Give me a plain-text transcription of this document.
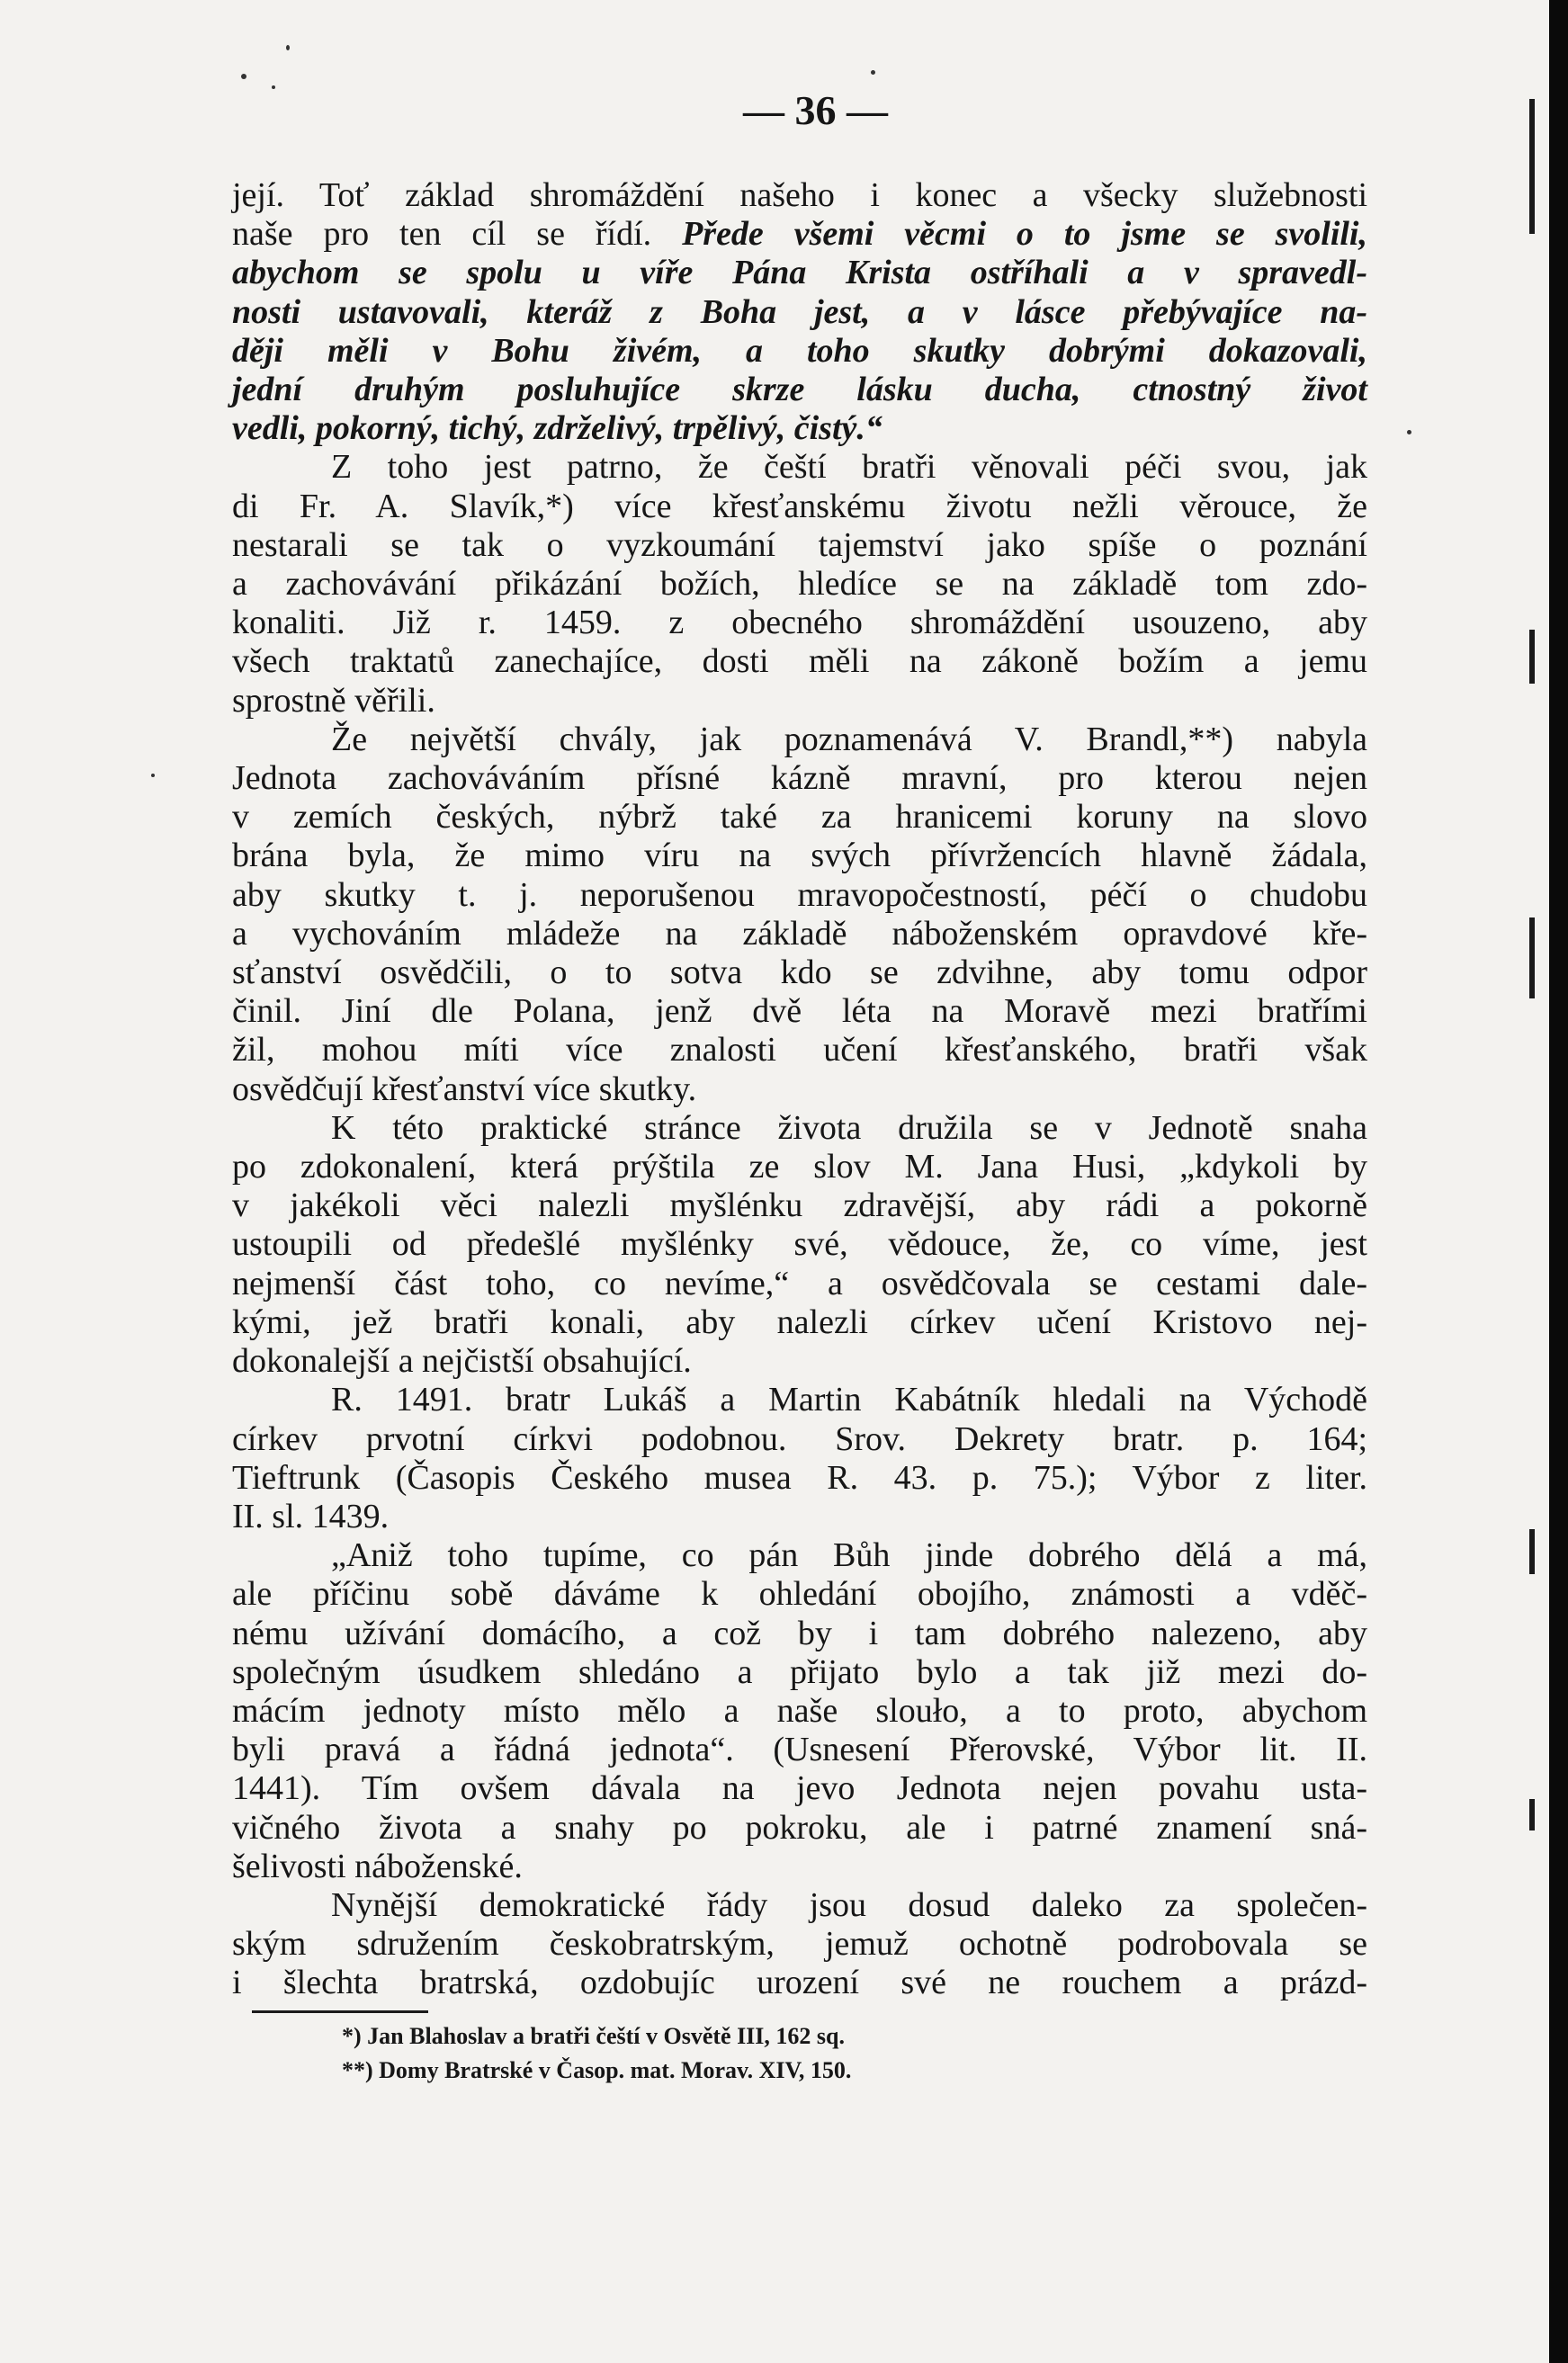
— 36 —
její. Toť základ shromáždění našeho i konec a všecky služebnosti
naše pro ten cíl se řídí. Přede všemi věcmi o to jsme se svolili,
abychom se spolu u víře Pána Krista ostříhali a v spravedl-
nosti ustavovali, kteráž z Boha jest, a v lásce přebývajíce na-
ději měli v Bohu živém, a toho skutky dobrými dokazovali,
jední druhým posluhujíce skrze lásku ducha, ctnostný život
vedli, pokorný, tichý, zdrželivý, trpělivý, čistý.“
Z toho jest patrno, že čeští bratři věnovali péči svou, jak
di Fr. A. Slavík,*) více křesťanskému životu nežli věrouce, že
nestarali se tak o vyzkoumání tajemství jako spíše o poznání
a zachovávání přikázání božích, hledíce se na základě tom zdo-
konaliti. Již r. 1459. z obecného shromáždění usouzeno, aby
všech traktatů zanechajíce, dosti měli na zákoně božím a jemu
sprostně věřili.
Že největší chvály, jak poznamenává V. Brandl,**) nabyla
Jednota zachováváním přísné kázně mravní, pro kterou nejen
v zemích českých, nýbrž také za hranicemi koruny na slovo
brána byla, že mimo víru na svých přívržencích hlavně žádala,
aby skutky t. j. neporušenou mravopočestností, péčí o chudobu
a vychováním mládeže na základě náboženském opravdové kře-
sťanství osvědčili, o to sotva kdo se zdvihne, aby tomu odpor
činil. Jiní dle Polana, jenž dvě léta na Moravě mezi bratřími
žil, mohou míti více znalosti učení křesťanského, bratři však
osvědčují křesťanství více skutky.
K této praktické stránce života družila se v Jednotě snaha
po zdokonalení, která prýštila ze slov M. Jana Husi, „kdykoli by
v jakékoli věci nalezli myšlénku zdravější, aby rádi a pokorně
ustoupili od předešlé myšlénky své, vědouce, že, co víme, jest
nejmenší část toho, co nevíme,“ a osvědčovala se cestami dale-
kými, jež bratři konali, aby nalezli církev učení Kristovo nej-
dokonalejší a nejčistší obsahující.
R. 1491. bratr Lukáš a Martin Kabátník hledali na Východě
církev prvotní církvi podobnou. Srov. Dekrety bratr. p. 164;
Tieftrunk (Časopis Českého musea R. 43. p. 75.); Výbor z liter.
II. sl. 1439.
„Aniž toho tupíme, co pán Bůh jinde dobrého dělá a má,
ale příčinu sobě dáváme k ohledání obojího, známosti a vděč-
nému užívání domácího, a což by i tam dobrého nalezeno, aby
společným úsudkem shledáno a přijato bylo a tak již mezi do-
mácím jednoty místo mělo a naše slouło, a to proto, abychom
byli pravá a řádná jednota“. (Usnesení Přerovské, Výbor lit. II.
1441). Tím ovšem dávala na jevo Jednota nejen povahu usta-
vičného života a snahy po pokroku, ale i patrné znamení sná-
šelivosti náboženské.
Nynější demokratické řády jsou dosud daleko za společen-
ským sdružením českobratrským, jemuž ochotně podrobovala se
i šlechta bratrská, ozdobujíc urození své ne rouchem a prázd-
*) Jan Blahoslav a bratři čeští v Osvětě III, 162 sq.
**) Domy Bratrské v Časop. mat. Morav. XIV, 150.
